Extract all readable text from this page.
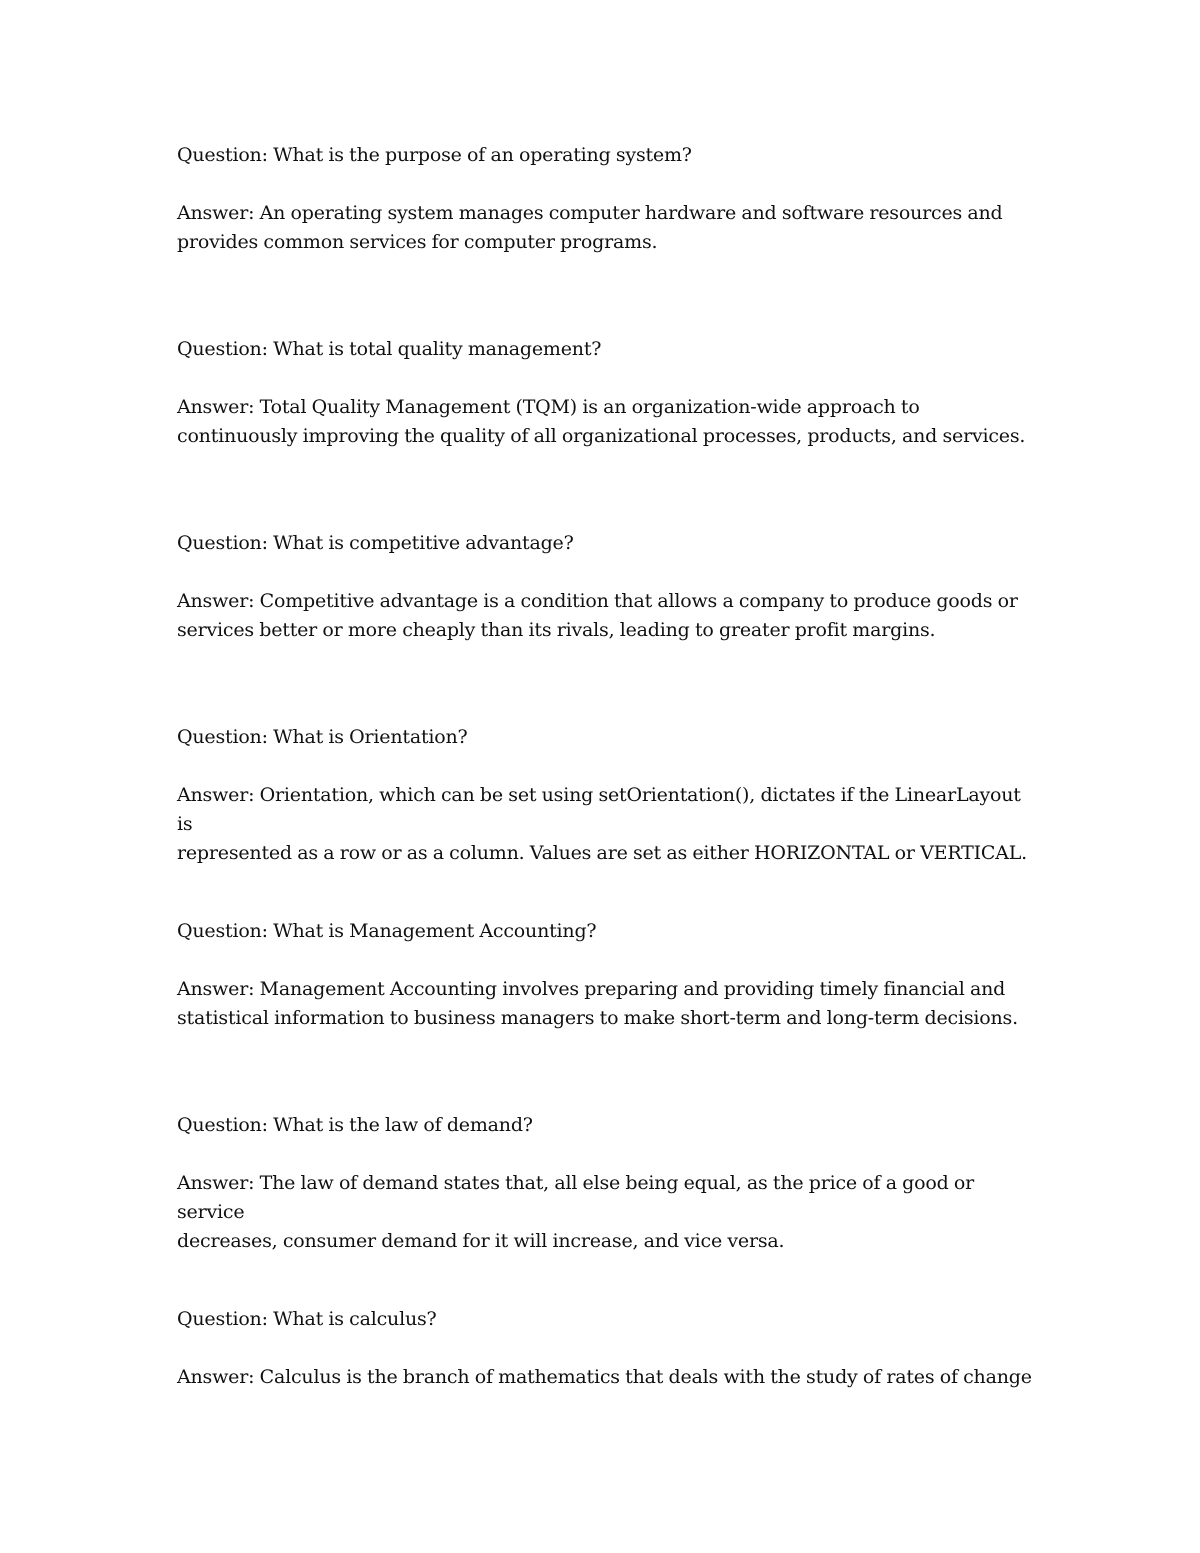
Question: What is the purpose of an operating system?

Answer: An operating system manages computer hardware and software resources and

provides common services for computer programs.

Question: What is total quality management?

Answer: Total Quality Management (TQM) is an organization-wide approach to

continuously improving the quality of all organizational processes, products, and services.

Question: What is competitive advantage?

Answer: Competitive advantage is a condition that allows a company to produce goods or

services better or more cheaply than its rivals, leading to greater profit margins.

Question: What is Orientation?

Answer: Orientation, which can be set using setOrientation(), dictates if the LinearLayout is

represented as a row or as a column. Values are set as either HORIZONTAL or VERTICAL.

Question: What is Management Accounting?

Answer: Management Accounting involves preparing and providing timely financial and

statistical information to business managers to make short-term and long-term decisions.

Question: What is the law of demand?

Answer: The law of demand states that, all else being equal, as the price of a good or service

decreases, consumer demand for it will increase, and vice versa.

Question: What is calculus?

Answer: Calculus is the branch of mathematics that deals with the study of rates of change
